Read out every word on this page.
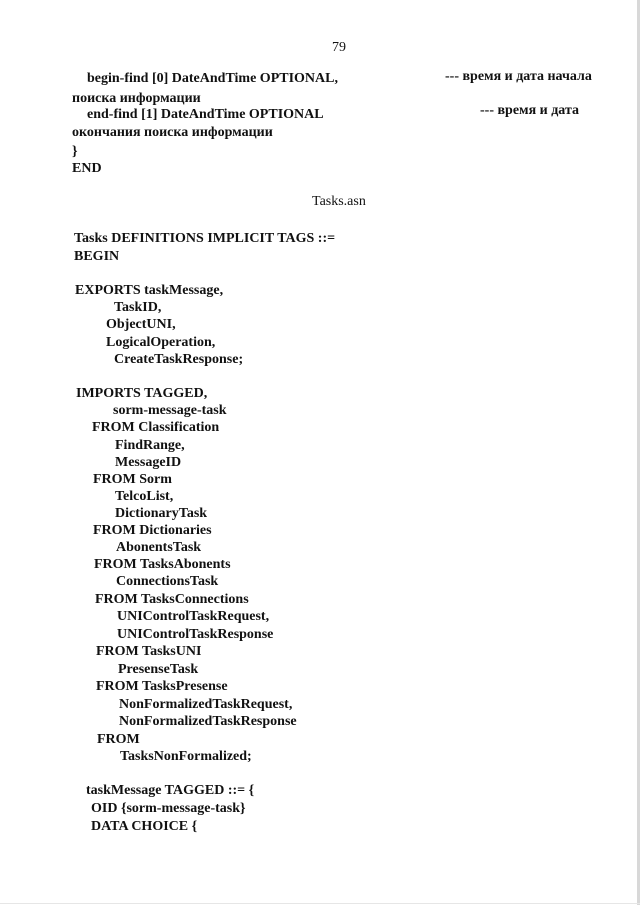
79
begin-find [0] DateAndTime OPTIONAL,	--- время и дата начала
поиска информации
end-find [1] DateAndTime OPTIONAL	--- время и дата
окончания поиска информации
}
END
Tasks.asn
Tasks DEFINITIONS IMPLICIT TAGS ::=
BEGIN
EXPORTS taskMessage,
TaskID,
ObjectUNI,
LogicalOperation,
CreateTaskResponse;
IMPORTS TAGGED,
sorm-message-task
FROM Classification
FindRange,
MessageID
FROM Sorm
TelcoList,
DictionaryTask
FROM Dictionaries
AbonentsTask
FROM TasksAbonents
ConnectionsTask
FROM TasksConnections
UNIControlTaskRequest,
UNIControlTaskResponse
FROM TasksUNI
PresenseTask
FROM TasksPresense
NonFormalizedTaskRequest,
NonFormalizedTaskResponse
FROM
TasksNonFormalized;
taskMessage TAGGED ::= {
OID {sorm-message-task}
DATA CHOICE {
